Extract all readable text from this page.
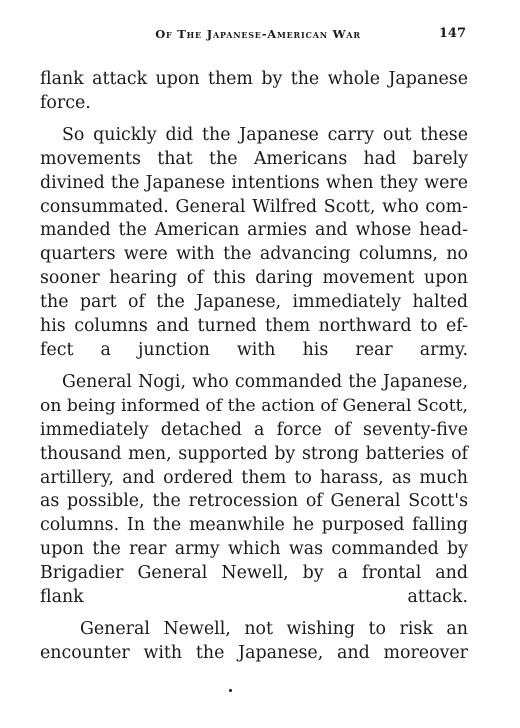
Of The Japanese-American War	147

flank attack upon them by the whole Japanese
force.

So quickly did the Japanese carry out these
movements that the Americans had barely
divined the Japanese intentions when they were
consummated. General Wilfred Scott, who com-
manded the American armies and whose head-
quarters were with the advancing columns, no
sooner hearing of this daring movement upon
the part of the Japanese, immediately halted
his columns and turned them northward to ef-
fect a junction with his rear army.

General Nogi, who commanded the Japanese,
on being informed of the action of General Scott,
immediately detached a force of seventy-five
thousand men, supported by strong batteries of
artillery, and ordered them to harass, as much
as possible, the retrocession of General Scott's
columns. In the meanwhile he purposed falling
upon the rear army which was commanded by
Brigadier General Newell, by a frontal and
flank attack.

General Newell, not wishing to risk an
encounter with the Japanese, and moreover
